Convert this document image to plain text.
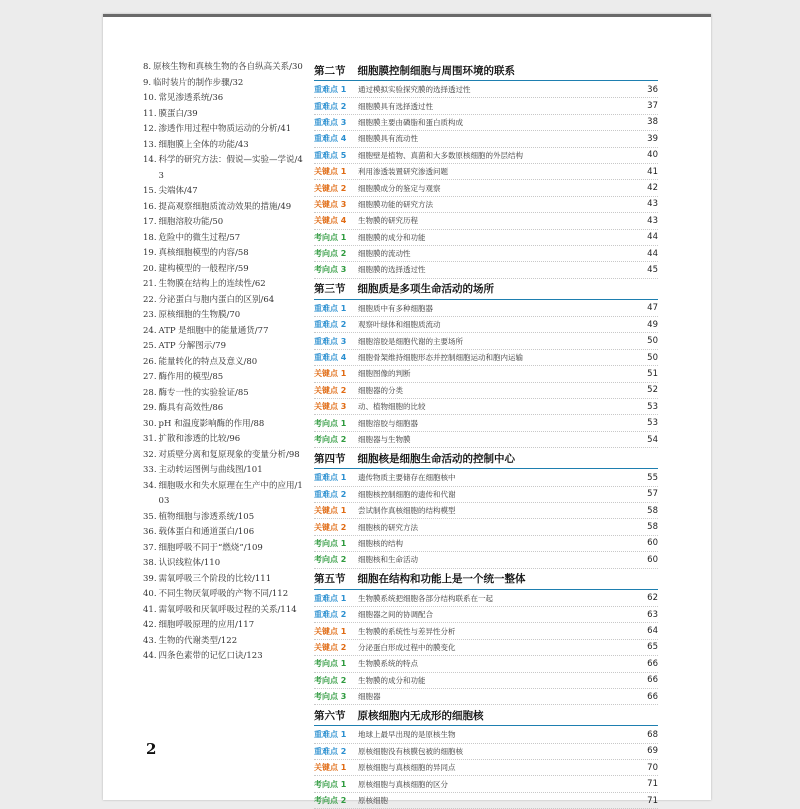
8. 原核生物和真核生物的各自纵高关系/30
9. 临时装片的制作步骤/32
10. 常见渗透系统/36
11. 膜蛋白/39
12. 渗透作用过程中物质运动的分析/41
13. 细胞膜上全体的功能/43
14. 科学的研究方法：假说—实验—学说/43
15. 尖端体/47
16. 提高观察细胞质流动效果的措施/49
17. 细胞溶胶功能/50
18. 危险中的微生过程/57
19. 真核细胞模型的内容/58
20. 建构模型的一般程序/59
21. 生物膜在结构上的连续性/62
22. 分泌蛋白与胞内蛋白的区别/64
23. 原核细胞的生物膜/70
24. ATP 是细胞中的能量通货/77
25. ATP 分解图示/79
26. 能量转化的特点及意义/80
27. 酶作用的模型/85
28. 酶专一性的实验验证/85
29. 酶具有高效性/86
30. pH 和温度影响酶的作用/88
31. 扩散和渗透的比较/96
32. 对质壁分离和复原现象的变量分析/98
33. 主动转运图例与曲线图/101
34. 细胞吸水和失水原理在生产中的应用/103
35. 植物细胞与渗透系统/105
36. 载体蛋白和通道蛋白/106
37. 细胞呼吸不同于“燃烧”/109
38. 认识线粒体/110
39. 需氧呼吸三个阶段的比较/111
40. 不同生物厌氧呼吸的产物不同/112
41. 需氧呼吸和厌氧呼吸过程的关系/114
42. 细胞呼吸原理的应用/117
43. 生物的代谢类型/122
44. 四条色素带的记忆口诀/123
第二节 细胞膜控制细胞与周围环境的联系
重难点 1	通过模拟实验探究膜的选择透过性	36
重难点 2	细胞膜具有选择透过性	37
重难点 3	细胞膜主要由磷脂和蛋白质构成	38
重难点 4	细胞膜具有流动性	39
重难点 5	细胞壁是植物、真菌和大多数原核细胞的外层结构	40
关键点 1	利用渗透装置研究渗透问题	41
关键点 2	细胞膜成分的鉴定与观察	42
关键点 3	细胞膜功能的研究方法	43
关键点 4	生物膜的研究历程	43
考向点 1	细胞膜的成分和功能	44
考向点 2	细胞膜的流动性	44
考向点 3	细胞膜的选择透过性	45
第三节 细胞质是多项生命活动的场所
重难点 1	细胞质中有多种细胞器	47
重难点 2	观察叶绿体和细胞质流动	49
重难点 3	细胞溶胶是细胞代谢的主要场所	50
重难点 4	细胞骨架维持细胞形态并控制细胞运动和胞内运输	50
关键点 1	细胞图像的判断	51
关键点 2	细胞器的分类	52
关键点 3	动、植物细胞的比较	53
考向点 1	细胞溶胶与细胞器	53
考向点 2	细胞器与生物膜	54
第四节 细胞核是细胞生命活动的控制中心
重难点 1	遗传物质主要储存在细胞核中	55
重难点 2	细胞核控制细胞的遗传和代谢	57
关键点 1	尝试制作真核细胞的结构模型	58
关键点 2	细胞核的研究方法	58
考向点 1	细胞核的结构	60
考向点 2	细胞核和生命活动	60
第五节 细胞在结构和功能上是一个统一整体
重难点 1	生物膜系统把细胞各部分结构联系在一起	62
重难点 2	细胞器之间的协调配合	63
关键点 1	生物膜的系统性与差异性分析	64
关键点 2	分泌蛋白形成过程中的膜变化	65
考向点 1	生物膜系统的特点	66
考向点 2	生物膜的成分和功能	66
考向点 3	细胞器	66
第六节 原核细胞内无成形的细胞核
重难点 1	地球上最早出现的是原核生物	68
重难点 2	原核细胞没有核膜包被的细胞核	69
关键点 1	原核细胞与真核细胞的异同点	70
考向点 1	原核细胞与真核细胞的区分	71
考向点 2	原核细胞	71
2
